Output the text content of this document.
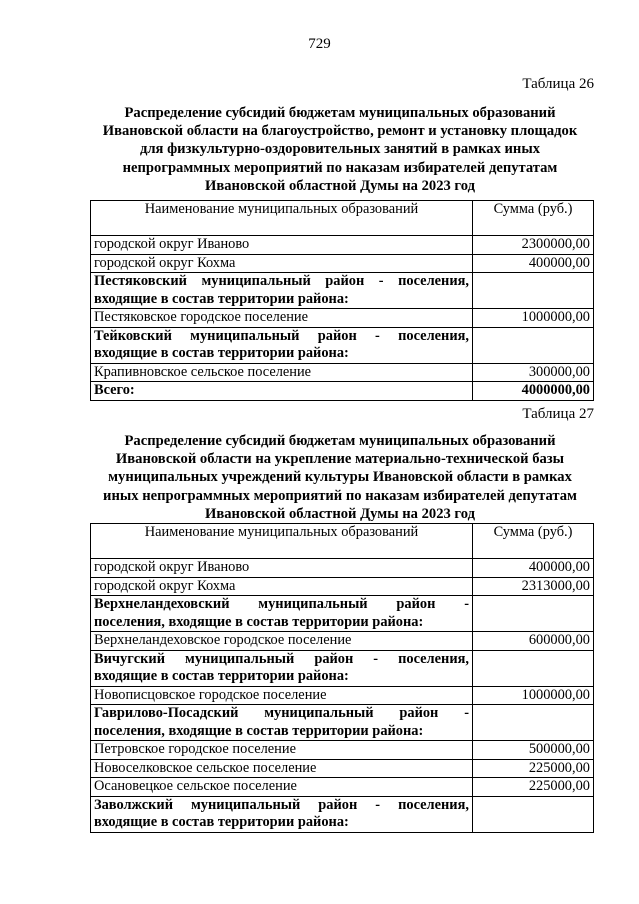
729
Таблица 26
Распределение субсидий бюджетам муниципальных образований
Ивановской области на благоустройство, ремонт и установку площадок
для физкультурно-оздоровительных занятий в рамках иных
непрограммных мероприятий по наказам избирателей депутатам
Ивановской областной Думы на 2023 год
Наименование муниципальных образований	Сумма (руб.)
городской округ Иваново	2300000,00
городской округ Кохма	400000,00

Пестяковский муниципальный район - поселения,
входящие в состав территории района:	

Пестяковское городское поселение	1000000,00

Тейковский муниципальный район - поселения,
входящие в состав территории района:	

Крапивновское сельское поселение	300000,00
Всего:	4000000,00
Таблица 27
Распределение субсидий бюджетам муниципальных образований
Ивановской области на укрепление материально-технической базы
муниципальных учреждений культуры Ивановской области в рамках
иных непрограммных мероприятий по наказам избирателей депутатам
Ивановской областной Думы на 2023 год
Наименование муниципальных образований	Сумма (руб.)
городской округ Иваново	400000,00
городской округ Кохма	2313000,00

Верхнеландеховский муниципальный район -
поселения, входящие в состав территории района:	

Верхнеландеховское городское поселение	600000,00

Вичугский муниципальный район - поселения,
входящие в состав территории района:	

Новописцовское городское поселение	1000000,00

Гаврилово-Посадский муниципальный район -
поселения, входящие в состав территории района:	

Петровское городское поселение	500000,00
Новоселковское сельское поселение	225000,00
Осановецкое сельское поселение	225000,00

Заволжский муниципальный район - поселения,
входящие в состав территории района:	
